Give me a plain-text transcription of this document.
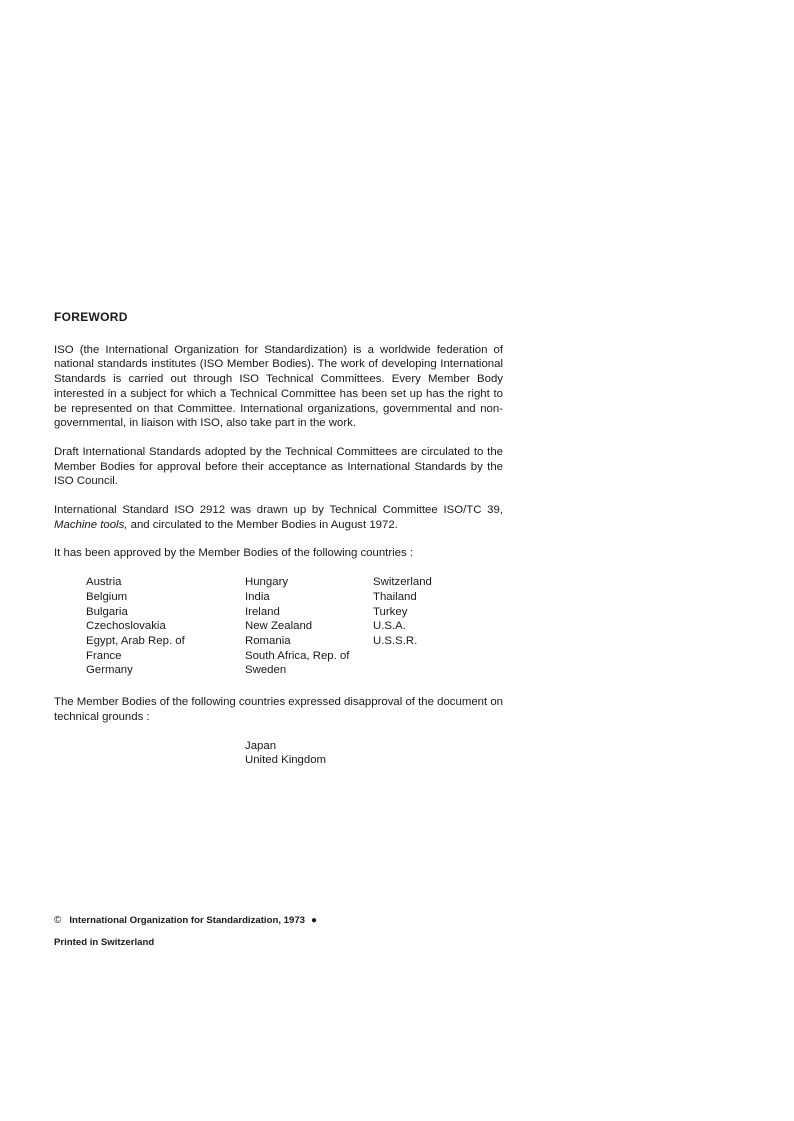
FOREWORD

ISO (the International Organization for Standardization) is a worldwide federation of national standards institutes (ISO Member Bodies). The work of developing International Standards is carried out through ISO Technical Committees. Every Member Body interested in a subject for which a Technical Committee has been set up has the right to be represented on that Committee. International organizations, governmental and non-governmental, in liaison with ISO, also take part in the work.

Draft International Standards adopted by the Technical Committees are circulated to the Member Bodies for approval before their acceptance as International Standards by the ISO Council.

International Standard ISO 2912 was drawn up by Technical Committee ISO/TC 39, Machine tools, and circulated to the Member Bodies in August 1972.

It has been approved by the Member Bodies of the following countries :

Austria
Belgium
Bulgaria
Czechoslovakia
Egypt, Arab Rep. of
France
Germany
Hungary
India
Ireland
New Zealand
Romania
South Africa, Rep. of
Sweden
Switzerland
Thailand
Turkey
U.S.A.
U.S.S.R.

The Member Bodies of the following countries expressed disapproval of the document on technical grounds :

Japan
United Kingdom
© International Organization for Standardization, 1973 ●
Printed in Switzerland
